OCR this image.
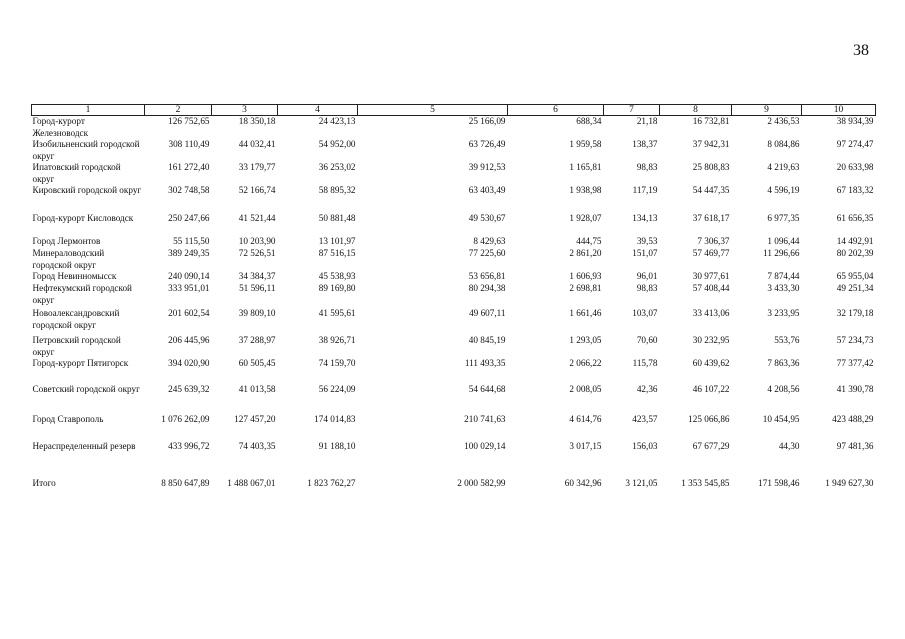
38
1	2	3	4	5	6	7	8	9	10
Город-курорт Железноводск	126 752,65	18 350,18	24 423,13	25 166,09	688,34	21,18	16 732,81	2 436,53	38 934,39
Изобильненский городской округ	308 110,49	44 032,41	54 952,00	63 726,49	1 959,58	138,37	37 942,31	8 084,86	97 274,47
Ипатовский городской округ	161 272,40	33 179,77	36 253,02	39 912,53	1 165,81	98,83	25 808,83	4 219,63	20 633,98
Кировский городской округ	302 748,58	52 166,74	58 895,32	63 403,49	1 938,98	117,19	54 447,35	4 596,19	67 183,32
Город-курорт Кисловодск	250 247,66	41 521,44	50 881,48	49 530,67	1 928,07	134,13	37 618,17	6 977,35	61 656,35
Город Лермонтов	55 115,50	10 203,90	13 101,97	8 429,63	444,75	39,53	7 306,37	1 096,44	14 492,91
Минераловодский городской округ	389 249,35	72 526,51	87 516,15	77 225,60	2 861,20	151,07	57 469,77	11 296,66	80 202,39
Город Невинномысск	240 090,14	34 384,37	45 538,93	53 656,81	1 606,93	96,01	30 977,61	7 874,44	65 955,04
Нефтекумский городской округ	333 951,01	51 596,11	89 169,80	80 294,38	2 698,81	98,83	57 408,44	3 433,30	49 251,34
Новоалександровский городской округ	201 602,54	39 809,10	41 595,61	49 607,11	1 661,46	103,07	33 413,06	3 233,95	32 179,18
Петровский городской округ	206 445,96	37 288,97	38 926,71	40 845,19	1 293,05	70,60	30 232,95	553,76	57 234,73
Город-курорт Пятигорск	394 020,90	60 505,45	74 159,70	111 493,35	2 066,22	115,78	60 439,62	7 863,36	77 377,42
Советский городской округ	245 639,32	41 013,58	56 224,09	54 644,68	2 008,05	42,36	46 107,22	4 208,56	41 390,78
Город Ставрополь	1 076 262,09	127 457,20	174 014,83	210 741,63	4 614,76	423,57	125 066,86	10 454,95	423 488,29
Нераспределенный резерв	433 996,72	74 403,35	91 188,10	100 029,14	3 017,15	156,03	67 677,29	44,30	97 481,36
Итого	8 850 647,89	1 488 067,01	1 823 762,27	2 000 582,99	60 342,96	3 121,05	1 353 545,85	171 598,46	1 949 627,30
